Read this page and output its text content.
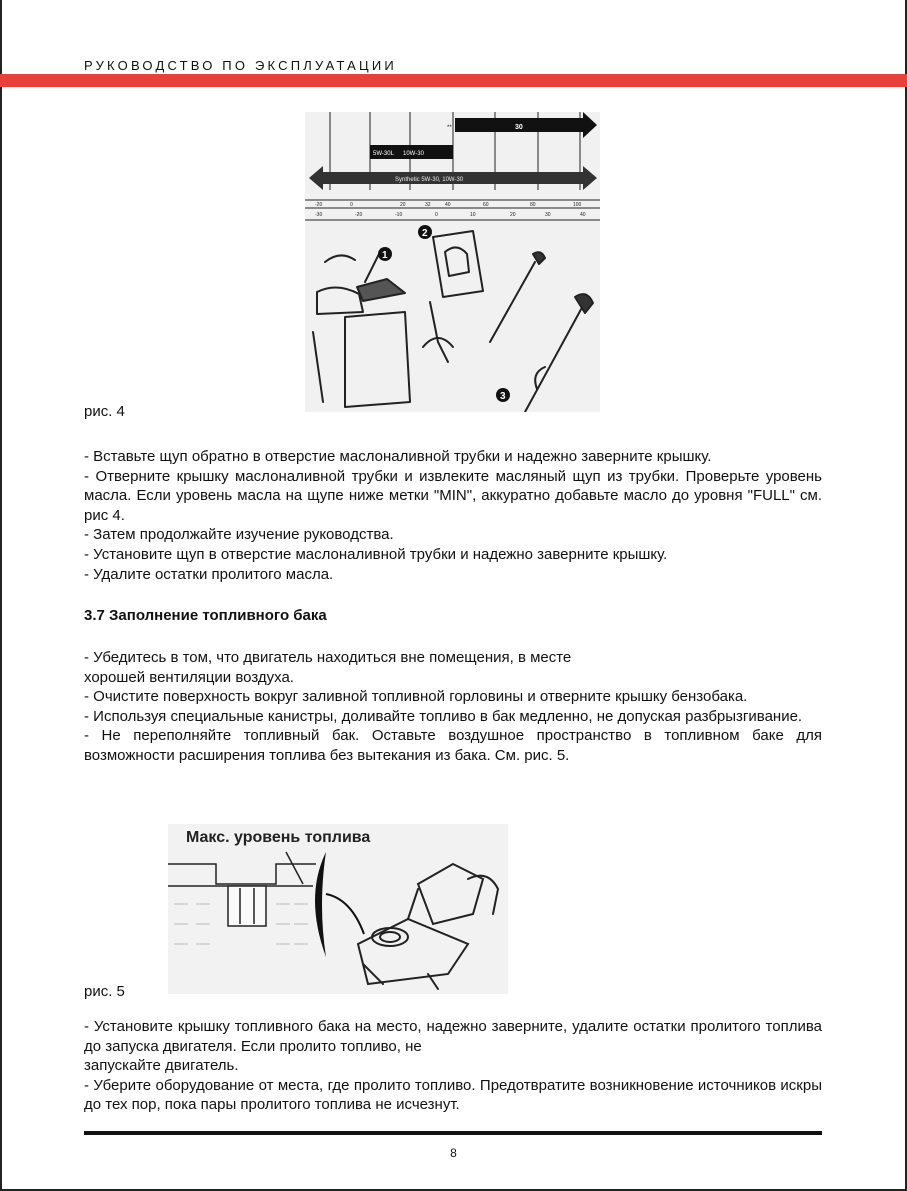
РУКОВОДСТВО ПО ЭКСПЛУАТАЦИИ
30
**
5W-30L 10W-30
Synthetic 5W-30, 10W-30
-20	0	20	32	40	60	80	100
-30	-20	-10	0	10	20	30	40
1
2
3
рис. 4

- Вставьте щуп обратно в отверстие маслоналивной трубки и надежно заверните крышку.

- Отверните крышку маслоналивной трубки и извлеките масляный щуп из трубки. Проверьте уровень масла. Если уровень масла на щупе ниже метки "MIN", аккуратно добавьте масло до уровня "FULL" см. рис 4.

- Затем продолжайте изучение руководства.

- Установите щуп в отверстие маслоналивной трубки и надежно заверните крышку.

- Удалите остатки пролитого масла.

3.7 Заполнение топливного бака

- Убедитесь в том, что двигатель находиться вне помещения, в месте

хорошей вентиляции воздуха.

- Очистите поверхность вокруг заливной топливной горловины и отверните крышку бензобака.

- Используя специальные канистры, доливайте топливо в бак медленно, не допуская разбрызгивание.

- Не переполняйте топливный бак. Оставьте воздушное пространство в топливном баке для возможности расширения топлива без вытекания из бака. См. рис. 5.

Макс. уровень топлива
рис. 5

- Установите крышку топливного бака на место, надежно заверните, удалите остатки пролитого топлива до запуска двигателя. Если пролито топливо, не

запускайте двигатель.

- Уберите оборудование от места, где пролито топливо. Предотвратите возникновение источников искры до тех пор, пока пары пролитого топлива не исчезнут.

8
